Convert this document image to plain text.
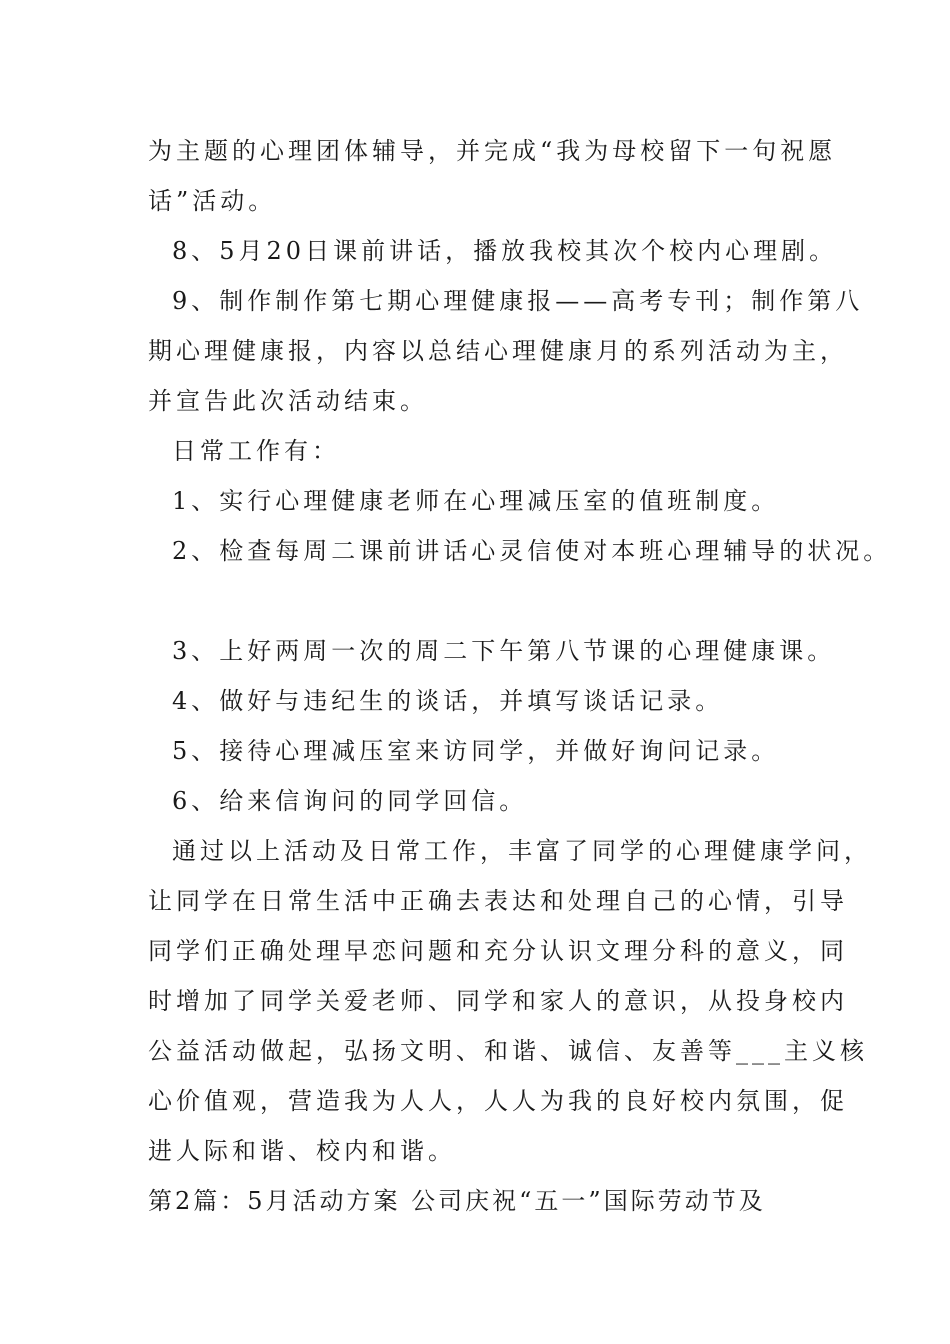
为主题的心理团体辅导，并完成“我为母校留下一句祝愿
话”活动。
8、5月20日课前讲话，播放我校其次个校内心理剧。
9、制作制作第七期心理健康报——高考专刊；制作第八
期心理健康报，内容以总结心理健康月的系列活动为主，
并宣告此次活动结束。
日常工作有：
1、实行心理健康老师在心理减压室的值班制度。
2、检查每周二课前讲话心灵信使对本班心理辅导的状况。
3、上好两周一次的周二下午第八节课的心理健康课。
4、做好与违纪生的谈话，并填写谈话记录。
5、接待心理减压室来访同学，并做好询问记录。
6、给来信询问的同学回信。
通过以上活动及日常工作，丰富了同学的心理健康学问，
让同学在日常生活中正确去表达和处理自己的心情，引导
同学们正确处理早恋问题和充分认识文理分科的意义，同
时增加了同学关爱老师、同学和家人的意识，从投身校内
公益活动做起，弘扬文明、和谐、诚信、友善等___主义核
心价值观，营造我为人人，人人为我的良好校内氛围，促
进人际和谐、校内和谐。
第2篇：5月活动方案 公司庆祝“五一”国际劳动节及
